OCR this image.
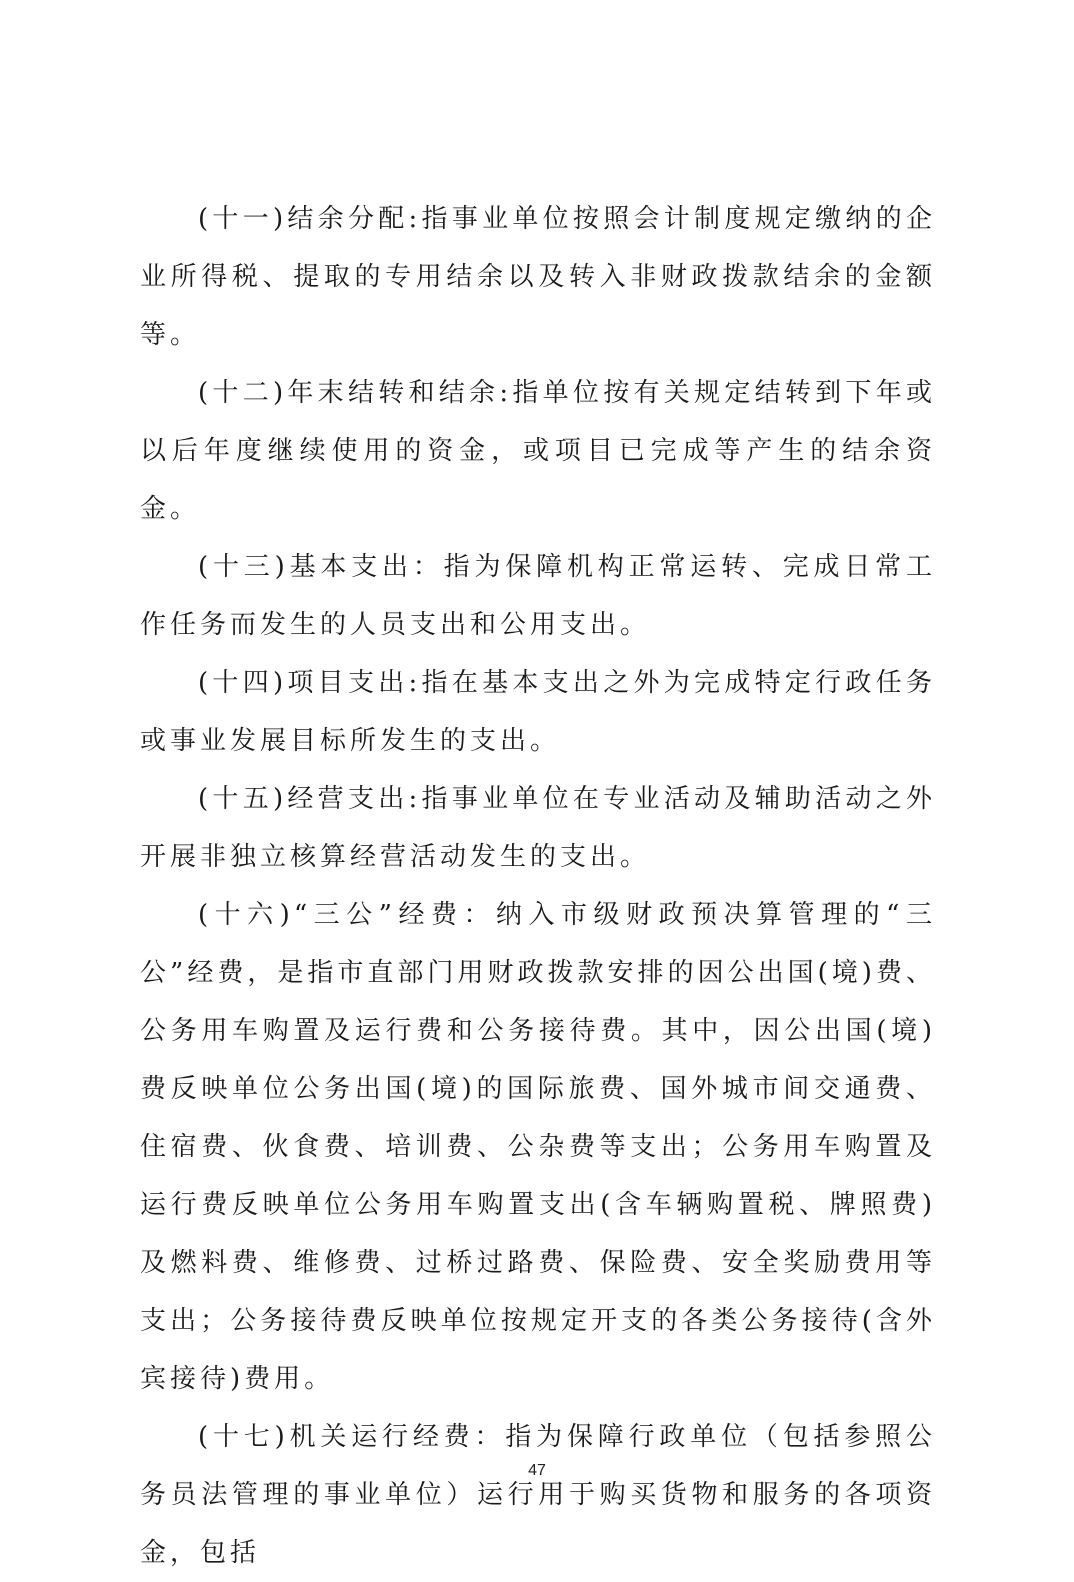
(十一)结余分配:指事业单位按照会计制度规定缴纳的企业所得税、提取的专用结余以及转入非财政拨款结余的金额等。

(十二)年末结转和结余:指单位按有关规定结转到下年或以后年度继续使用的资金，或项目已完成等产生的结余资金。

(十三)基本支出：指为保障机构正常运转、完成日常工作任务而发生的人员支出和公用支出。

(十四)项目支出:指在基本支出之外为完成特定行政任务或事业发展目标所发生的支出。

(十五)经营支出:指事业单位在专业活动及辅助活动之外开展非独立核算经营活动发生的支出。

(十六)“三公”经费：纳入市级财政预决算管理的“三公”经费，是指市直部门用财政拨款安排的因公出国(境)费、公务用车购置及运行费和公务接待费。其中，因公出国(境)费反映单位公务出国(境)的国际旅费、国外城市间交通费、住宿费、伙食费、培训费、公杂费等支出；公务用车购置及运行费反映单位公务用车购置支出(含车辆购置税、牌照费)及燃料费、维修费、过桥过路费、保险费、安全奖励费用等支出；公务接待费反映单位按规定开支的各类公务接待(含外宾接待)费用。

(十七)机关运行经费：指为保障行政单位（包括参照公务员法管理的事业单位）运行用于购买货物和服务的各项资金，包括

47
